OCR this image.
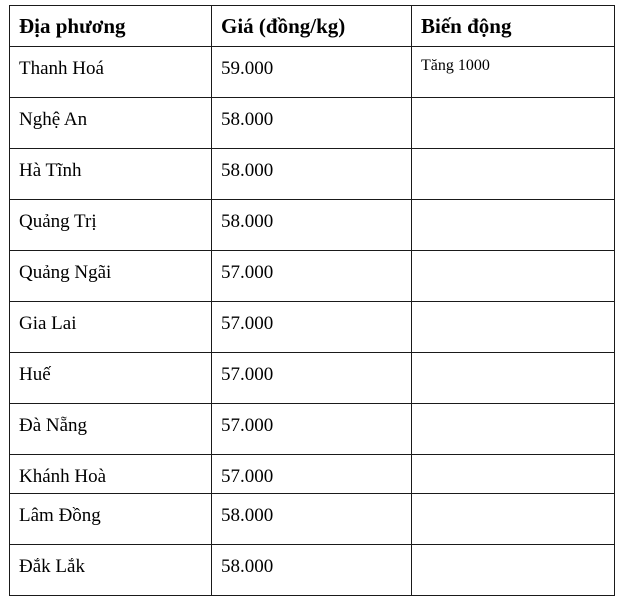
Địa phương	Giá (đồng/kg)	Biến động
Thanh Hoá	59.000	Tăng 1000
Nghệ An	58.000	
Hà Tĩnh	58.000	
Quảng Trị	58.000	
Quảng Ngãi	57.000	
Gia Lai	57.000	
Huế	57.000	
Đà Nẵng	57.000	
Khánh Hoà	57.000	
Lâm Đồng	58.000	
Đắk Lắk	58.000	
